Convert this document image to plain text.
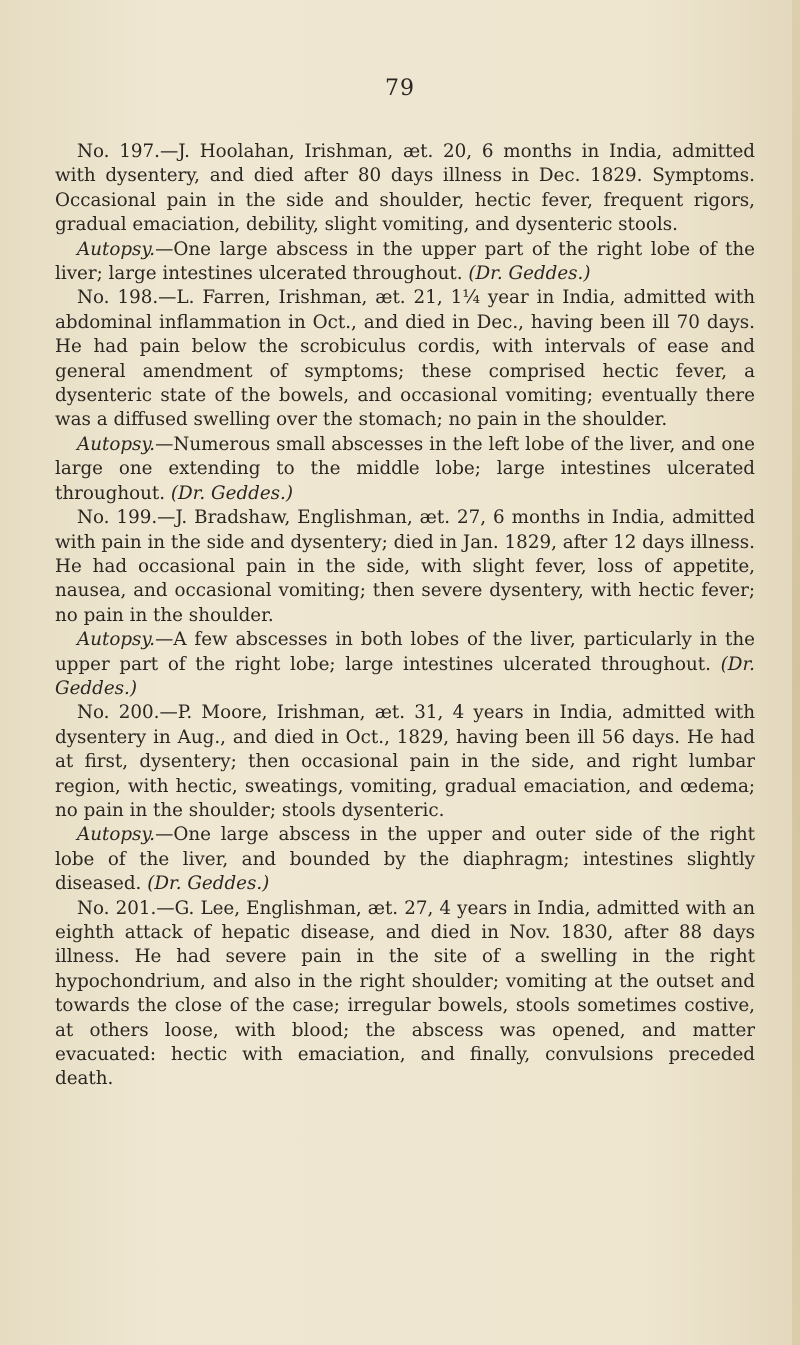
79

No. 197.—J. Hoolahan, Irishman, æt. 20, 6 months in India, admitted with dysentery, and died after 80 days illness in Dec. 1829. Symptoms. Occasional pain in the side and shoulder, hectic fever, frequent rigors, gradual emaciation, debility, slight vomiting, and dysenteric stools.

Autopsy.—One large abscess in the upper part of the right lobe of the liver; large intestines ulcerated throughout. (Dr. Geddes.)

No. 198.—L. Farren, Irishman, æt. 21, 1¼ year in India, admitted with abdominal inflammation in Oct., and died in Dec., having been ill 70 days. He had pain below the scrobiculus cordis, with intervals of ease and general amendment of symptoms; these comprised hectic fever, a dysenteric state of the bowels, and occasional vomiting; eventually there was a diffused swelling over the stomach; no pain in the shoulder.

Autopsy.—Numerous small abscesses in the left lobe of the liver, and one large one extending to the middle lobe; large intestines ulcerated throughout. (Dr. Geddes.)

No. 199.—J. Bradshaw, Englishman, æt. 27, 6 months in India, admitted with pain in the side and dysentery; died in Jan. 1829, after 12 days illness. He had occasional pain in the side, with slight fever, loss of appetite, nausea, and occasional vomiting; then severe dysentery, with hectic fever; no pain in the shoulder.

Autopsy.—A few abscesses in both lobes of the liver, particularly in the upper part of the right lobe; large intestines ulcerated throughout. (Dr. Geddes.)

No. 200.—P. Moore, Irishman, æt. 31, 4 years in India, admitted with dysentery in Aug., and died in Oct., 1829, having been ill 56 days. He had at first, dysentery; then occasional pain in the side, and right lumbar region, with hectic, sweatings, vomiting, gradual emaciation, and œdema; no pain in the shoulder; stools dysenteric.

Autopsy.—One large abscess in the upper and outer side of the right lobe of the liver, and bounded by the diaphragm; intestines slightly diseased. (Dr. Geddes.)

No. 201.—G. Lee, Englishman, æt. 27, 4 years in India, admitted with an eighth attack of hepatic disease, and died in Nov. 1830, after 88 days illness. He had severe pain in the site of a swelling in the right hypochondrium, and also in the right shoulder; vomiting at the outset and towards the close of the case; irregular bowels, stools sometimes costive, at others loose, with blood; the abscess was opened, and matter evacuated: hectic with emaciation, and finally, convulsions preceded death.
